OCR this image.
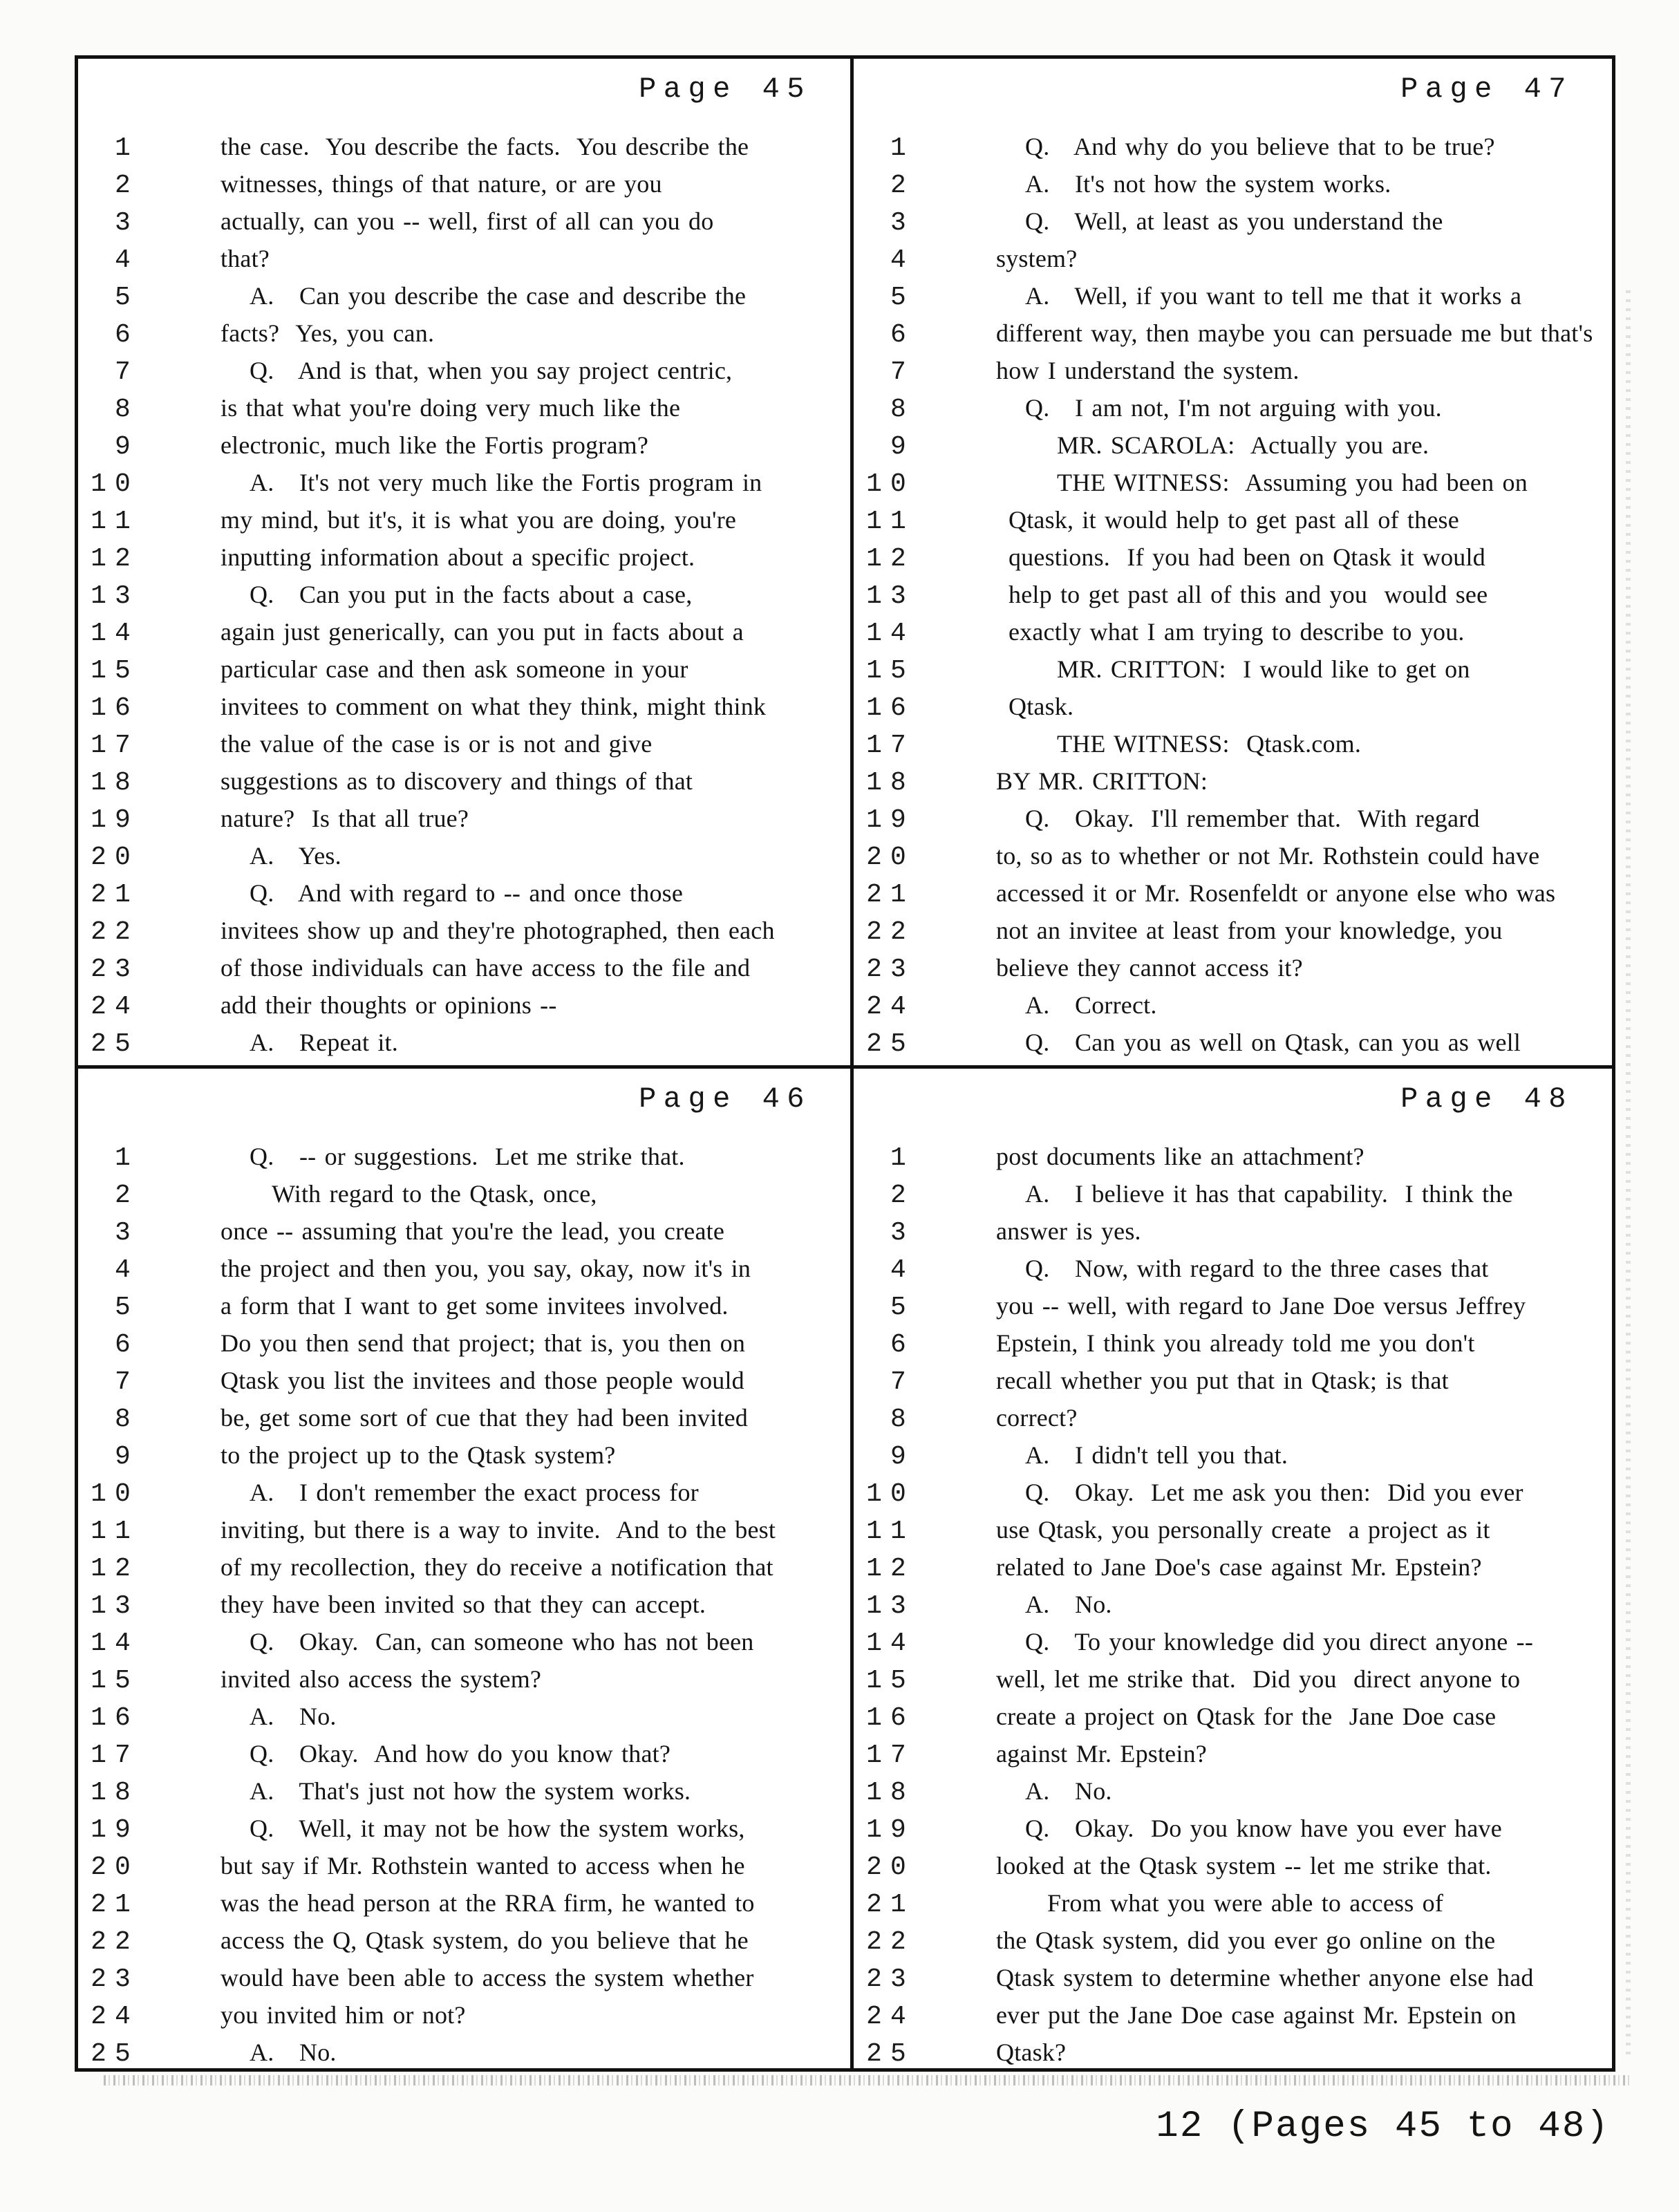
Page 45
1	the case.  You describe the facts.  You describe the
2	witnesses, things of that nature, or are you
3	actually, can you -- well, first of all can you do
4	that?
5	A.   Can you describe the case and describe the
6	facts?  Yes, you can.
7	Q.   And is that, when you say project centric,
8	is that what you're doing very much like the
9	electronic, much like the Fortis program?
10	A.   It's not very much like the Fortis program in
11	my mind, but it's, it is what you are doing, you're
12	inputting information about a specific project.
13	Q.   Can you put in the facts about a case,
14	again just generically, can you put in facts about a
15	particular case and then ask someone in your
16	invitees to comment on what they think, might think
17	the value of the case is or is not and give
18	suggestions as to discovery and things of that
19	nature?  Is that all true?
20	A.   Yes.
21	Q.   And with regard to -- and once those
22	invitees show up and they're photographed, then each
23	of those individuals can have access to the file and
24	add their thoughts or opinions --
25	A.   Repeat it.
Page 47
1	Q.   And why do you believe that to be true?
2	A.   It's not how the system works.
3	Q.   Well, at least as you understand the
4	system?
5	A.   Well, if you want to tell me that it works a
6	different way, then maybe you can persuade me but that's
7	how I understand the system.
8	Q.   I am not, I'm not arguing with you.
9	MR. SCAROLA:  Actually you are.
10	THE WITNESS:  Assuming you had been on
11	Qtask, it would help to get past all of these
12	questions.  If you had been on Qtask it would
13	help to get past all of this and you  would see
14	exactly what I am trying to describe to you.
15	MR. CRITTON:  I would like to get on
16	Qtask.
17	THE WITNESS:  Qtask.com.
18	BY MR. CRITTON:
19	Q.   Okay.  I'll remember that.  With regard
20	to, so as to whether or not Mr. Rothstein could have
21	accessed it or Mr. Rosenfeldt or anyone else who was
22	not an invitee at least from your knowledge, you
23	believe they cannot access it?
24	A.   Correct.
25	Q.   Can you as well on Qtask, can you as well
Page 46
1	Q.   -- or suggestions.  Let me strike that.
2	With regard to the Qtask, once,
3	once -- assuming that you're the lead, you create
4	the project and then you, you say, okay, now it's in
5	a form that I want to get some invitees involved.
6	Do you then send that project; that is, you then on
7	Qtask you list the invitees and those people would
8	be, get some sort of cue that they had been invited
9	to the project up to the Qtask system?
10	A.   I don't remember the exact process for
11	inviting, but there is a way to invite.  And to the best
12	of my recollection, they do receive a notification that
13	they have been invited so that they can accept.
14	Q.   Okay.  Can, can someone who has not been
15	invited also access the system?
16	A.   No.
17	Q.   Okay.  And how do you know that?
18	A.   That's just not how the system works.
19	Q.   Well, it may not be how the system works,
20	but say if Mr. Rothstein wanted to access when he
21	was the head person at the RRA firm, he wanted to
22	access the Q, Qtask system, do you believe that he
23	would have been able to access the system whether
24	you invited him or not?
25	A.   No.
Page 48
1	post documents like an attachment?
2	A.   I believe it has that capability.  I think the
3	answer is yes.
4	Q.   Now, with regard to the three cases that
5	you -- well, with regard to Jane Doe versus Jeffrey
6	Epstein, I think you already told me you don't
7	recall whether you put that in Qtask; is that
8	correct?
9	A.   I didn't tell you that.
10	Q.   Okay.  Let me ask you then:  Did you ever
11	use Qtask, you personally create  a project as it
12	related to Jane Doe's case against Mr. Epstein?
13	A.   No.
14	Q.   To your knowledge did you direct anyone --
15	well, let me strike that.  Did you  direct anyone to
16	create a project on Qtask for the  Jane Doe case
17	against Mr. Epstein?
18	A.   No.
19	Q.   Okay.  Do you know have you ever have
20	looked at the Qtask system -- let me strike that.
21	From what you were able to access of
22	the Qtask system, did you ever go online on the
23	Qtask system to determine whether anyone else had
24	ever put the Jane Doe case against Mr. Epstein on
25	Qtask?
12 (Pages 45 to 48)
